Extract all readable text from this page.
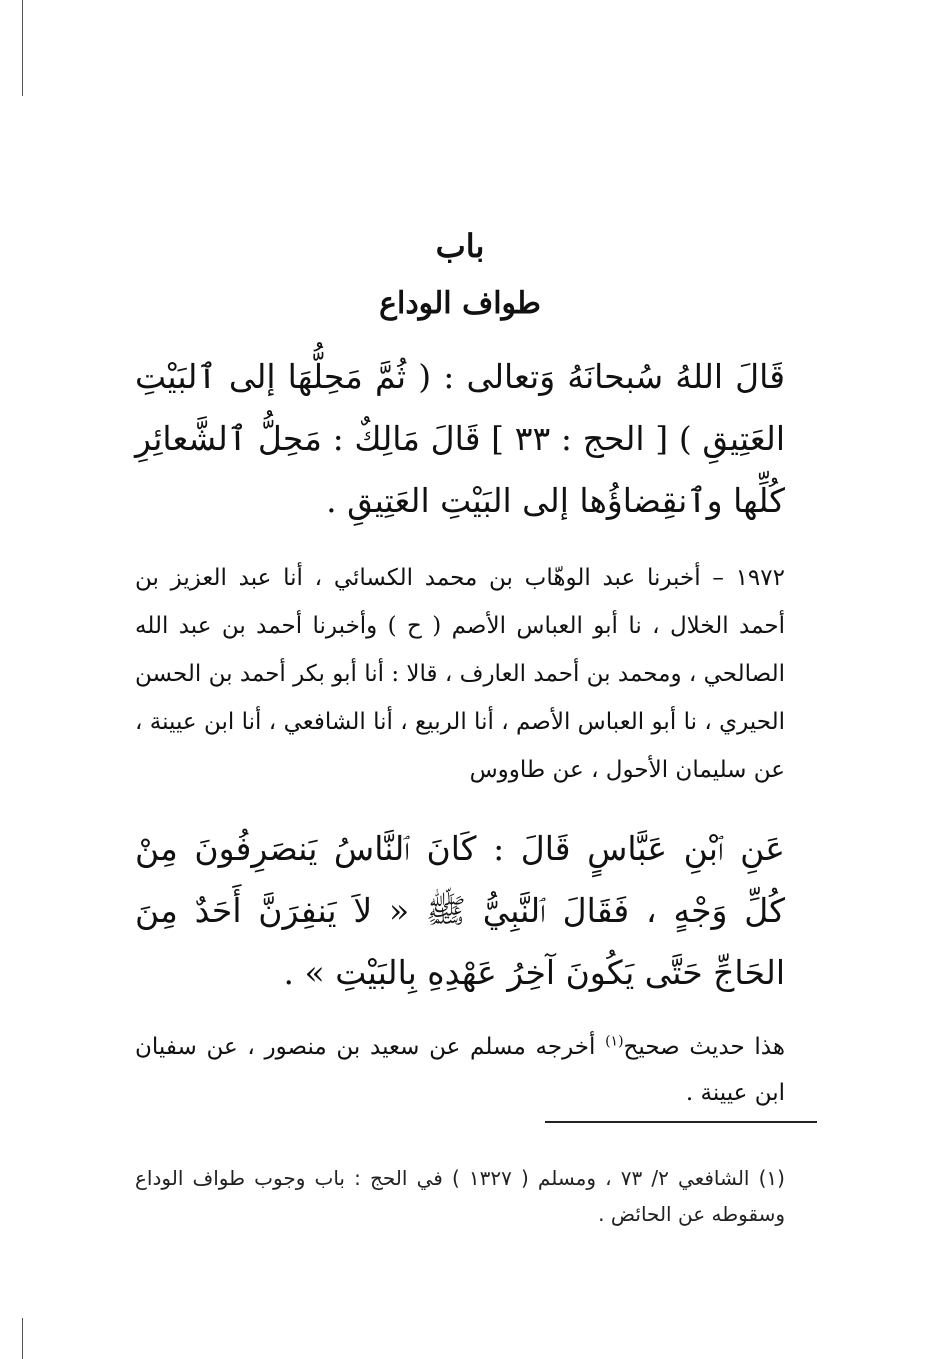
باب
طواف الوداع

قَالَ اللهُ سُبحانَهُ وَتعالى : ( ثُمَّ مَحِلُّهَا إلى ٱلبَيْتِ العَتِيقِ ) [ الحج : ٣٣ ] قَالَ مَالِكٌ : مَحِلُّ ٱلشَّعائِرِ كُلِّها وٱنقِضاؤُها إلى البَيْتِ العَتِيقِ .

١٩٧٢ – أخبرنا عبد الوهّاب بن محمد الكسائي ، أنا عبد العزيز بن أحمد الخلال ، نا أبو العباس الأصم ( ح ) وأخبرنا أحمد بن عبد الله الصالحي ، ومحمد بن أحمد العارف ، قالا : أنا أبو بكر أحمد بن الحسن الحيري ، نا أبو العباس الأصم ، أنا الربيع ، أنا الشافعي ، أنا ابن عيينة ، عن سليمان الأحول ، عن طاووس

عَنِ ٱبْنِ عَبَّاسٍ قَالَ : كَانَ ٱلنَّاسُ يَنصَرِفُونَ مِنْ كُلِّ وَجْهٍ ، فَقَالَ ٱلنَّبِيُّ ﷺ « لاَ يَنفِرَنَّ أَحَدٌ مِنَ الحَاجِّ حَتَّى يَكُونَ آخِرُ عَهْدِهِ بِالبَيْتِ » .

هذا حديث صحيح$^{(١)}$ أخرجه مسلم عن سعيد بن منصور ، عن سفيان ابن عيينة .

(١) الشافعي ٢/ ٧٣ ، ومسلم ( ١٣٢٧ ) في الحج : باب وجوب طواف الوداع وسقوطه عن الحائض .
